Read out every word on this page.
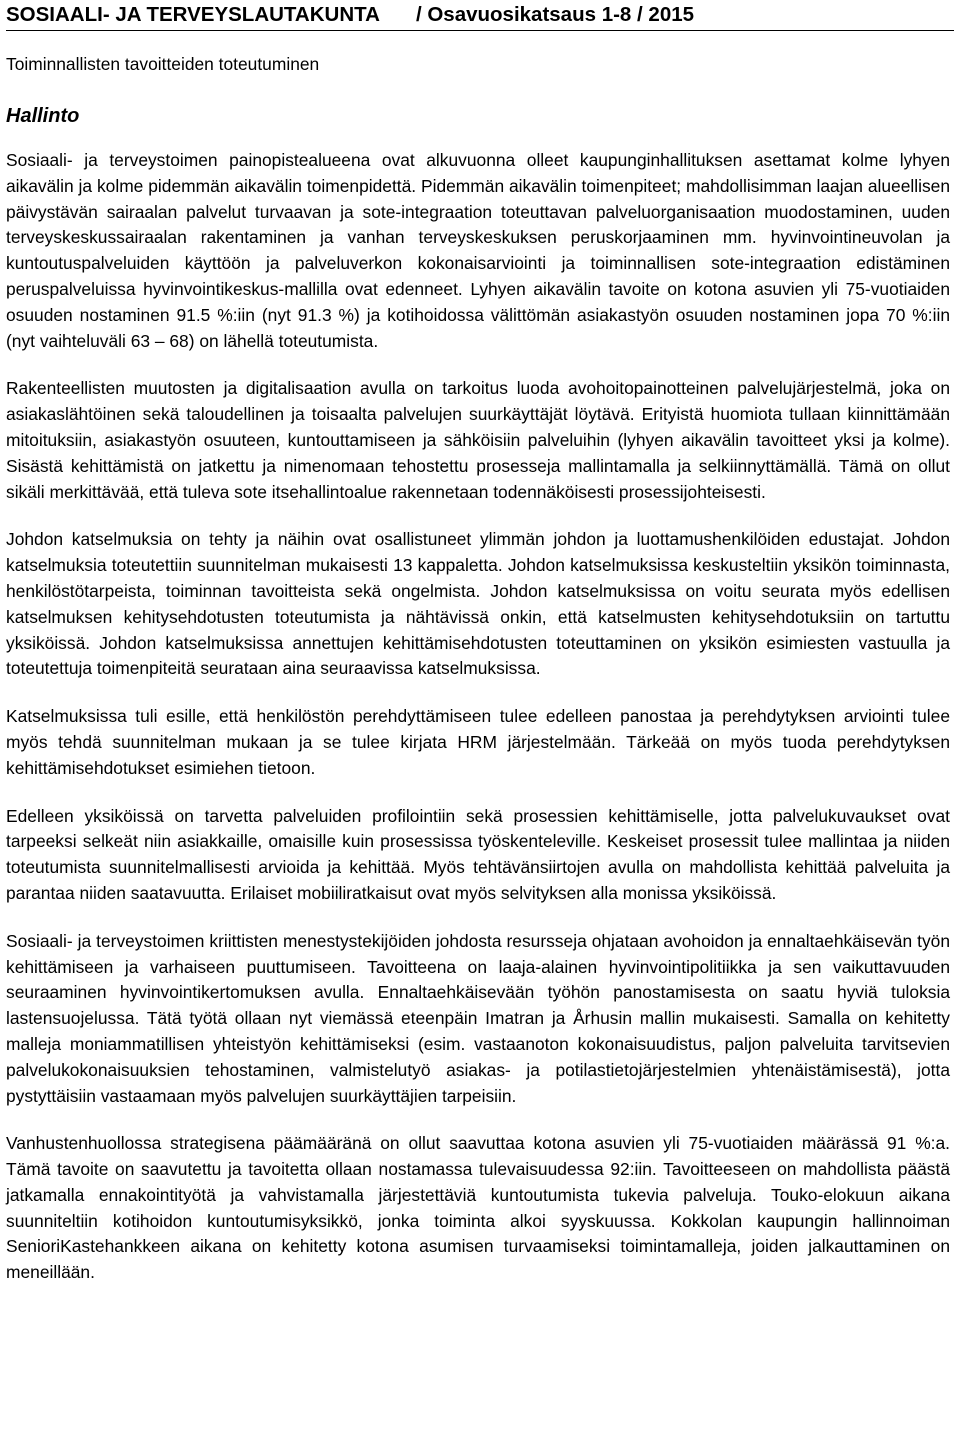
SOSIAALI- JA TERVEYSLAUTAKUNTA / Osavuosikatsaus 1-8 / 2015
Toiminnallisten tavoitteiden toteutuminen
Hallinto

Sosiaali- ja terveystoimen painopistealueena ovat alkuvuonna olleet kaupunginhallituksen asettamat kolme lyhyen aikavälin ja kolme pidemmän aikavälin toimenpidettä. Pidemmän aikavälin toimenpiteet; mahdollisimman laajan alueellisen päivystävän sairaalan palvelut turvaavan ja sote-integraation toteuttavan palveluorganisaation muodostaminen, uuden terveyskeskussairaalan rakentaminen ja vanhan terveyskeskuksen peruskorjaaminen mm. hyvinvointineuvolan ja kuntoutuspalveluiden käyttöön ja palveluverkon kokonaisarviointi ja toiminnallisen sote-integraation edistäminen peruspalveluissa hyvinvointikeskus-mallilla ovat edenneet. Lyhyen aikavälin tavoite on kotona asuvien yli 75-vuotiaiden osuuden nostaminen 91.5 %:iin (nyt 91.3 %) ja kotihoidossa välittömän asiakastyön osuuden nostaminen jopa 70 %:iin (nyt vaihteluväli 63 – 68) on lähellä toteutumista.

Rakenteellisten muutosten ja digitalisaation avulla on tarkoitus luoda avohoitopainotteinen palvelujärjestelmä, joka on asiakaslähtöinen sekä taloudellinen ja toisaalta palvelujen suurkäyttäjät löytävä. Erityistä huomiota tullaan kiinnittämään mitoituksiin, asiakastyön osuuteen, kuntouttamiseen ja sähköisiin palveluihin (lyhyen aikavälin tavoitteet yksi ja kolme). Sisästä kehittämistä on jatkettu ja nimenomaan tehostettu prosesseja mallintamalla ja selkiinnyttämällä. Tämä on ollut sikäli merkittävää, että tuleva sote itsehallintoalue rakennetaan todennäköisesti prosessijohteisesti.

Johdon katselmuksia on tehty ja näihin ovat osallistuneet ylimmän johdon ja luottamushenkilöiden edustajat. Johdon katselmuksia toteutettiin suunnitelman mukaisesti 13 kappaletta. Johdon katselmuksissa keskusteltiin yksikön toiminnasta, henkilöstötarpeista, toiminnan tavoitteista sekä ongelmista. Johdon katselmuksissa on voitu seurata myös edellisen katselmuksen kehitysehdotusten toteutumista ja nähtävissä onkin, että katselmusten kehitysehdotuksiin on tartuttu yksiköissä. Johdon katselmuksissa annettujen kehittämisehdotusten toteuttaminen on yksikön esimiesten vastuulla ja toteutettuja toimenpiteitä seurataan aina seuraavissa katselmuksissa.

Katselmuksissa tuli esille, että henkilöstön perehdyttämiseen tulee edelleen panostaa ja perehdytyksen arviointi tulee myös tehdä suunnitelman mukaan ja se tulee kirjata HRM järjestelmään. Tärkeää on myös tuoda perehdytyksen kehittämisehdotukset esimiehen tietoon.

Edelleen yksiköissä on tarvetta palveluiden profilointiin sekä prosessien kehittämiselle, jotta palvelukuvaukset ovat tarpeeksi selkeät niin asiakkaille, omaisille kuin prosessissa työskenteleville. Keskeiset prosessit tulee mallintaa ja niiden toteutumista suunnitelmallisesti arvioida ja kehittää. Myös tehtävänsiirtojen avulla on mahdollista kehittää palveluita ja parantaa niiden saatavuutta. Erilaiset mobiiliratkaisut ovat myös selvityksen alla monissa yksiköissä.

Sosiaali- ja terveystoimen kriittisten menestystekijöiden johdosta resursseja ohjataan avohoidon ja ennaltaehkäisevän työn kehittämiseen ja varhaiseen puuttumiseen. Tavoitteena on laaja-alainen hyvinvointipolitiikka ja sen vaikuttavuuden seuraaminen hyvinvointikertomuksen avulla. Ennaltaehkäisevään työhön panostamisesta on saatu hyviä tuloksia lastensuojelussa. Tätä työtä ollaan nyt viemässä eteenpäin Imatran ja Århusin mallin mukaisesti. Samalla on kehitetty malleja moniammatillisen yhteistyön kehittämiseksi (esim. vastaanoton kokonaisuudistus, paljon palveluita tarvitsevien palvelukokonaisuuksien tehostaminen, valmistelutyö asiakas- ja potilastietojärjestelmien yhtenäistämisestä), jotta pystyttäisiin vastaamaan myös palvelujen suurkäyttäjien tarpeisiin.

Vanhustenhuollossa strategisena päämääränä on ollut saavuttaa kotona asuvien yli 75-vuotiaiden määrässä 91 %:a. Tämä tavoite on saavutettu ja tavoitetta ollaan nostamassa tulevaisuudessa 92:iin. Tavoitteeseen on mahdollista päästä jatkamalla ennakointityötä ja vahvistamalla järjestettäviä kuntoutumista tukevia palveluja. Touko-elokuun aikana suunniteltiin kotihoidon kuntoutumisyksikkö, jonka toiminta alkoi syyskuussa. Kokkolan kaupungin hallinnoiman SenioriKastehankkeen aikana on kehitetty kotona asumisen turvaamiseksi toimintamalleja, joiden jalkauttaminen on meneillään.
